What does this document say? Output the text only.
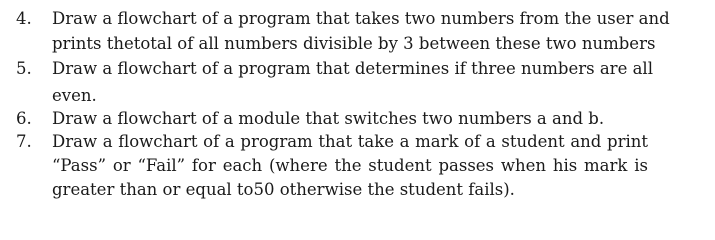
4. Draw a flowchart of a program that takes two numbers from the user and
prints thetotal of all numbers divisible by 3 between these two numbers
5. Draw a flowchart of a program that determines if three numbers are all
even.
6. Draw a flowchart of a module that switches two numbers a and b.
7. Draw a flowchart of a program that take a mark of a student and print
“Pass” or “Fail” for each (where the student passes when his mark is
greater than or equal to50 otherwise the student fails).
